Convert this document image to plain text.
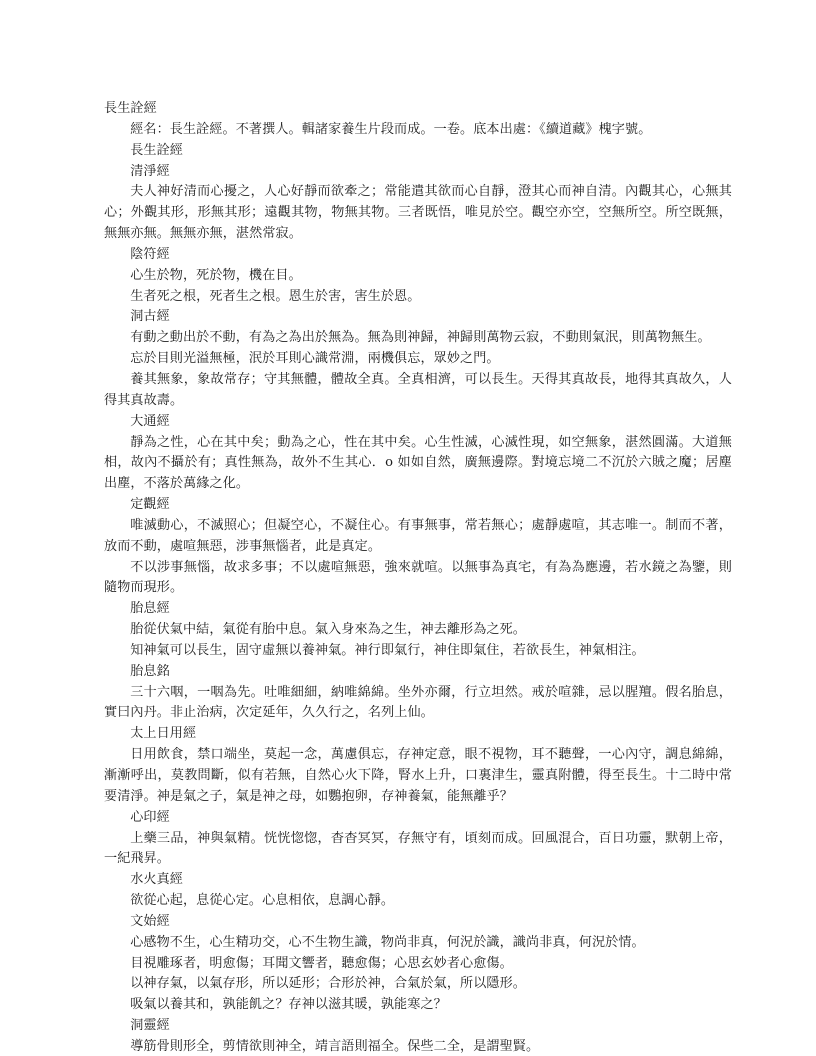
長生詮經

經名：長生詮經。不著撰人。輯諸家養生片段而成。一卷。底本出處：《續道藏》槐字號。

長生詮經

清淨經

夫人神好清而心擾之，人心好靜而欲牽之；常能遣其欲而心自靜，澄其心而神自清。內觀其心，心無其心；外觀其形，形無其形；遠觀其物，物無其物。三者既悟，唯見於空。觀空亦空，空無所空。所空既無，無無亦無。無無亦無，湛然常寂。

陰符經

心生於物，死於物，機在目。

生者死之根，死者生之根。恩生於害，害生於恩。

洞古經

有動之動出於不動，有為之為出於無為。無為則神歸，神歸則萬物云寂，不動則氣泯，則萬物無生。

忘於目則光溢無極，泯於耳則心識常淵，兩機俱忘，眾妙之門。

養其無象，象故常存；守其無體，體故全真。全真相濟，可以長生。天得其真故長，地得其真故久，人得其真故壽。

大通經

靜為之性，心在其中矣；動為之心，性在其中矣。心生性滅，心滅性現，如空無象，湛然圓滿。大道無相，故內不攝於有；真性無為，故外不生其心．o 如如自然，廣無邊際。對境忘境二不沉於六賊之魔；居塵出塵，不落於萬緣之化。

定觀經

唯滅動心，不滅照心；但凝空心，不凝住心。有事無事，常若無心；處靜處喧，其志唯一。制而不著，放而不動，處喧無惡，涉事無惱者，此是真定。

不以涉事無惱，故求多事；不以處喧無惡，強來就喧。以無事為真宅，有為為應邊，若水鏡之為鑒，則隨物而現形。

胎息經

胎從伏氣中結，氣從有胎中息。氣入身來為之生，神去離形為之死。

知神氣可以長生，固守虛無以養神氣。神行即氣行，神住即氣住，若欲長生，神氣相注。

胎息銘

三十六咽，一咽為先。吐唯細細，納唯綿綿。坐外亦爾，行立坦然。戒於喧雜，忌以腥羶。假名胎息，實曰內丹。非止治病，次定延年，久久行之，名列上仙。

太上日用經

日用飲食，禁口端坐，莫起一念，萬慮俱忘，存神定意，眼不視物，耳不聽聲，一心內守，調息綿綿，漸漸呼出，莫教問斷，似有若無，自然心火下降，腎水上升，口裏津生，靈真附體，得至長生。十二時中常要清淨。神是氣之子，氣是神之母，如鸚抱卵，存神養氣，能無離乎？

心印經

上藥三品，神與氣精。恍恍惚惚，杳杳冥冥，存無守有，頃刻而成。回風混合，百日功靈，默朝上帝，一紀飛昇。

水火真經

欲從心起，息從心定。心息相依，息調心靜。

文始經

心感物不生，心生精功交，心不生物生識，物尚非真，何況於識，識尚非真，何況於情。

目視雕琢者，明愈傷；耳聞文響者，聽愈傷；心思玄妙者心愈傷。

以神存氣，以氣存形，所以延形；合形於神，合氣於氣，所以隱形。

吸氣以養其和，孰能飢之？存神以滋其暖，孰能寒之？

洞靈經

導筋骨則形全，剪情欲則神全，靖言語則福全。保些二全，是謂聖賢。
